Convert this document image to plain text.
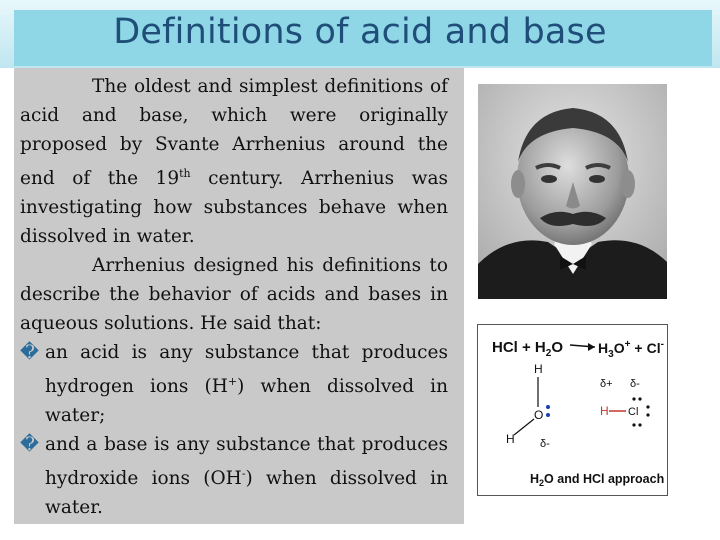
Definitions of acid and base

The oldest and simplest definitions of acid and base, which were originally proposed by Svante Arrhenius around the end of the 19th century. Arrhenius was investigating how substances behave when dissolved in water.

Arrhenius designed his definitions to describe the behavior of acids and bases in aqueous solutions. He said that:

� an acid is any substance that produces hydrogen ions (H+) when dissolved in water;

� and a base is any substance that produces hydroxide ions (OH-) when dissolved in water.

HCl + $H_2O$	$H_3O^+ + Cl^-$
H
O
H δ-
δ+ δ-
H Cl
$H_2O$ and HCl approach
